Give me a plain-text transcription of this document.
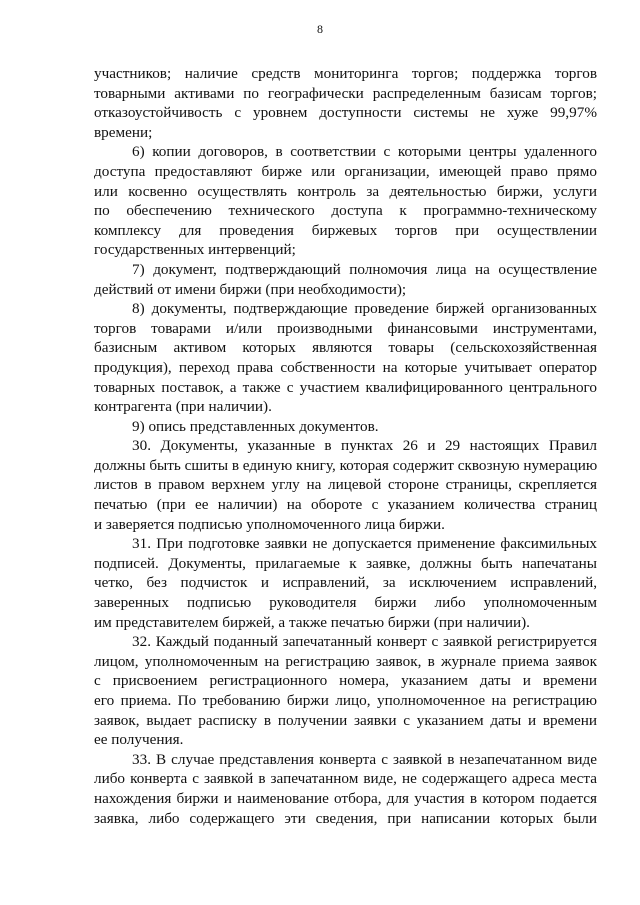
8
участников; наличие средств мониторинга торгов; поддержка торгов
товарными активами по географически распределенным базисам торгов;
отказоустойчивость с уровнем доступности системы не хуже 99,97%
времени;
6) копии договоров, в соответствии с которыми центры удаленного
доступа предоставляют бирже или организации, имеющей право прямо
или косвенно осуществлять контроль за деятельностью биржи, услуги
по обеспечению технического доступа к программно-техническому
комплексу для проведения биржевых торгов при осуществлении
государственных интервенций;
7) документ, подтверждающий полномочия лица на осуществление
действий от имени биржи (при необходимости);
8) документы, подтверждающие проведение биржей организованных
торгов товарами и/или производными финансовыми инструментами,
базисным активом которых являются товары (сельскохозяйственная
продукция), переход права собственности на которые учитывает оператор
товарных поставок, а также с участием квалифицированного центрального
контрагента (при наличии).
9) опись представленных документов.
30. Документы, указанные в пунктах 26 и 29 настоящих Правил
должны быть сшиты в единую книгу, которая содержит сквозную нумерацию
листов в правом верхнем углу на лицевой стороне страницы, скрепляется
печатью (при ее наличии) на обороте с указанием количества страниц
и заверяется подписью уполномоченного лица биржи.
31. При подготовке заявки не допускается применение факсимильных
подписей. Документы, прилагаемые к заявке, должны быть напечатаны
четко, без подчисток и исправлений, за исключением исправлений,
заверенных подписью руководителя биржи либо уполномоченным
им представителем биржей, а также печатью биржи (при наличии).
32. Каждый поданный запечатанный конверт с заявкой регистрируется
лицом, уполномоченным на регистрацию заявок, в журнале приема заявок
с присвоением регистрационного номера, указанием даты и времени
его приема. По требованию биржи лицо, уполномоченное на регистрацию
заявок, выдает расписку в получении заявки с указанием даты и времени
ее получения.
33. В случае представления конверта с заявкой в незапечатанном виде
либо конверта с заявкой в запечатанном виде, не содержащего адреса места
нахождения биржи и наименование отбора, для участия в котором подается
заявка, либо содержащего эти сведения, при написании которых были
